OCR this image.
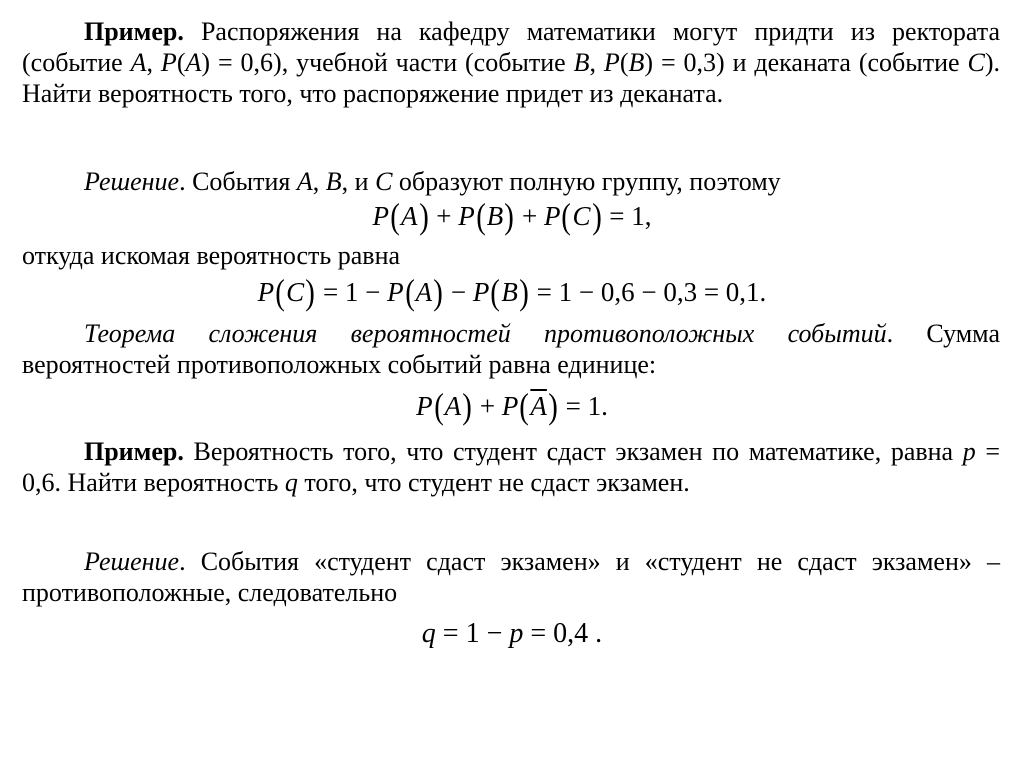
Пример. Распоряжения на кафедру математики могут придти из ректората (событие A, P(A) = 0,6), учебной части (событие B, P(B) = 0,3) и деканата (событие C). Найти вероятность того, что распоряжение придет из деканата.

Решение. События A, B, и C образуют полную группу, поэтому

P(A) + P(B) + P(C) = 1,

откуда искомая вероятность равна

P(C) = 1 − P(A) − P(B) = 1 − 0,6 − 0,3 = 0,1.

Теорема сложения вероятностей противоположных событий. Сумма вероятностей противоположных событий равна единице:

$P(A) + P(\overline{A}) = 1$.

Пример. Вероятность того, что студент сдаст экзамен по математике, равна p = 0,6. Найти вероятность q того, что студент не сдаст экзамен.

Решение. События «студент сдаст экзамен» и «студент не сдаст экзамен» – противоположные, следовательно

q = 1 − p = 0,4 .
